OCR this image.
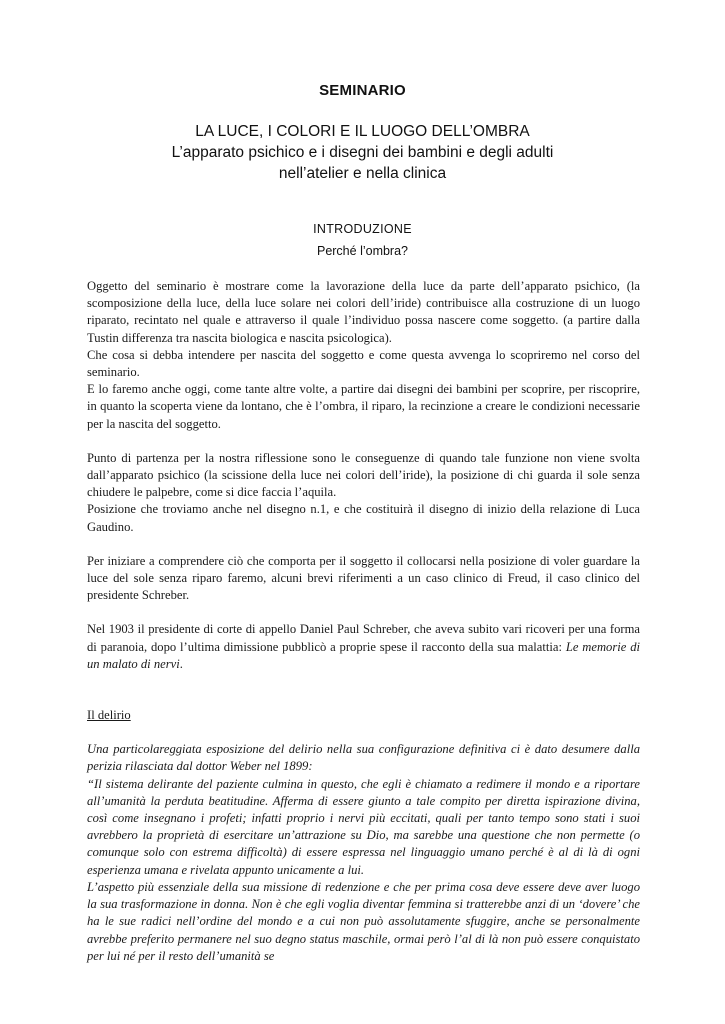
SEMINARIO
LA LUCE, I COLORI E IL LUOGO DELL’OMBRA
L’apparato psichico e i disegni dei bambini e degli adulti
nell’atelier e nella clinica
INTRODUZIONE
Perché l’ombra?

Oggetto del seminario è mostrare come la lavorazione della luce da parte dell’apparato psichico, (la scomposizione della luce, della luce solare nei colori dell’iride) contribuisce alla costruzione di un luogo riparato, recintato nel quale e attraverso il quale l’individuo possa nascere come soggetto. (a partire dalla Tustin differenza tra nascita biologica e nascita psicologica).

Che cosa si debba intendere per nascita del soggetto e come questa avvenga lo scopriremo nel corso del seminario.

E lo faremo anche oggi, come tante altre volte, a partire dai disegni dei bambini per scoprire, per riscoprire, in quanto la scoperta viene da lontano, che è l’ombra, il riparo, la recinzione a creare le condizioni necessarie per la nascita del soggetto.

Punto di partenza per la nostra riflessione sono le conseguenze di quando tale funzione non viene svolta dall’apparato psichico (la scissione della luce nei colori dell’iride), la posizione di chi guarda il sole senza chiudere le palpebre, come si dice faccia l’aquila.

Posizione che troviamo anche nel disegno n.1, e che costituirà il disegno di inizio della relazione di Luca Gaudino.

Per iniziare a comprendere ciò che comporta per il soggetto il collocarsi nella posizione di voler guardare la luce del sole senza riparo faremo, alcuni brevi riferimenti a un caso clinico di Freud, il caso clinico del presidente Schreber.

Nel 1903 il presidente di corte di appello Daniel Paul Schreber, che aveva subito vari ricoveri per una forma di paranoia, dopo l’ultima dimissione pubblicò a proprie spese il racconto della sua malattia: Le memorie di un malato di nervi.

Il delirio

Una particolareggiata esposizione del delirio nella sua configurazione definitiva ci è dato desumere dalla perizia rilasciata dal dottor Weber nel 1899:

“Il sistema delirante del paziente culmina in questo, che egli è chiamato a redimere il mondo e a riportare all’umanità la perduta beatitudine. Afferma di essere giunto a tale compito per diretta ispirazione divina, così come insegnano i profeti; infatti proprio i nervi più eccitati, quali per tanto tempo sono stati i suoi avrebbero la proprietà di esercitare un’attrazione su Dio, ma sarebbe una questione che non permette (o comunque solo con estrema difficoltà) di essere espressa nel linguaggio umano perché è al di là di ogni esperienza umana e rivelata appunto unicamente a lui.

L’aspetto più essenziale della sua missione di redenzione e che per prima cosa deve essere deve aver luogo la sua trasformazione in donna. Non è che egli voglia diventar femmina si tratterebbe anzi di un ‘dovere’ che ha le sue radici nell’ordine del mondo e a cui non può assolutamente sfuggire, anche se personalmente avrebbe preferito permanere nel suo degno status maschile, ormai però l’al di là non può essere conquistato per lui né per il resto dell’umanità se
